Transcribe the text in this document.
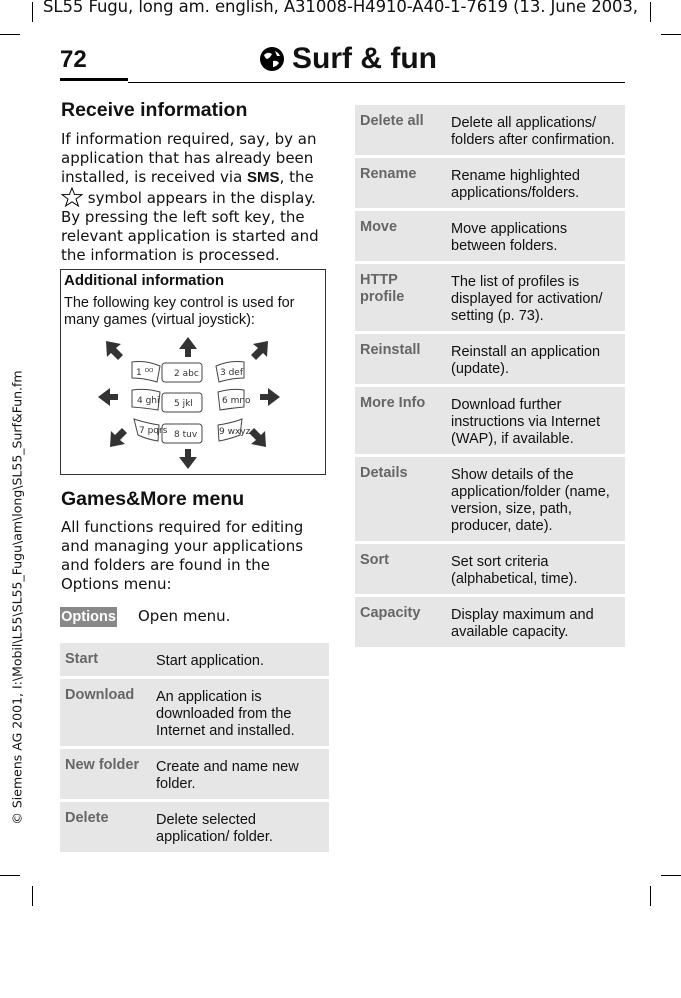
SL55 Fugu, long am. english, A31008-H4910-A40-1-7619 (13. June 2003,
© Siemens AG 2001, I:\Mobil\L55\SL55_Fugu\am\long\SL55_Surf&Fun.fm
72	Surf & fun
Receive information
If information required, say, by an application that has already been installed, is received via SMS, the  symbol appears in the display. By pressing the left soft key, the relevant application is started and the information is processed.
Additional information
The following key control is used for many games (virtual joystick):
1 ᴼᴼ 2 abc 3 def
4 ghi 5 jkl	6 mno
7 pqrs 8 tuv 9 wxyz
Games&More menu
All functions required for editing and managing your applications and folders are found in the Options menu:
Options Open menu.
Start	Start application.
Download	An application is downloaded from the Internet and installed.
New folder	Create and name new folder.
Delete	Delete selected application/ folder.
Delete all	Delete all applications/ folders after confirmation.
Rename	Rename highlighted applications/folders.
Move	Move applications between folders.
HTTP profile	The list of profiles is displayed for activation/ setting (p. 73).
Reinstall	Reinstall an application (update).
More Info	Download further instructions via Internet (WAP), if available.
Details	Show details of the application/folder (name, version, size, path, producer, date).
Sort	Set sort criteria (alphabetical, time).
Capacity	Display maximum and available capacity.
